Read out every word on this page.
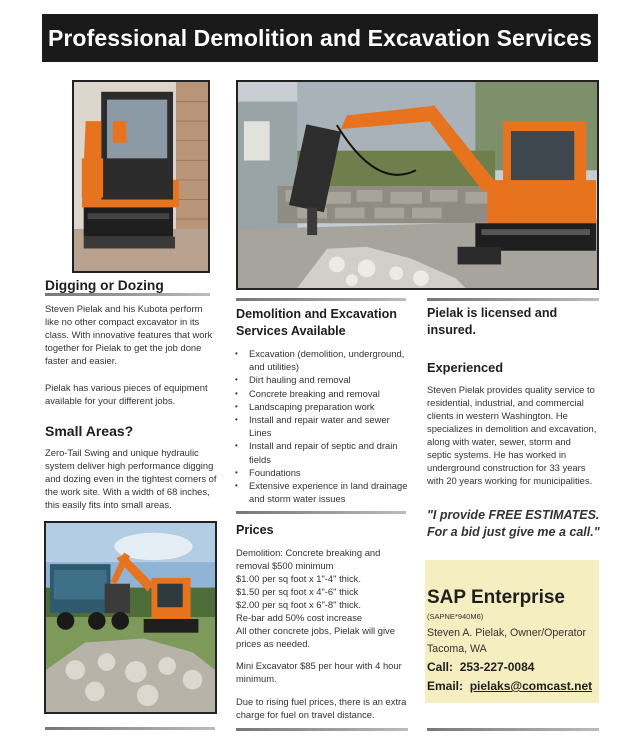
Professional Demolition and Excavation Services
Digging or Dozing

Steven Pielak and his Kubota perform like no other compact excavator in its class. With innovative features that work together for Pielak to get the job done faster and easier.

Pielak has various pieces of equipment available for your different jobs.

Small Areas?

Zero-Tail Swing and unique hydraulic system deliver high performance digging and dozing even in the tightest corners of the work site. With a width of 68 inches, this easily fits into small areas.

Demolition and Excavation
Services Available
• Excavation (demolition, underground, and utilities)
• Dirt hauling and removal
• Concrete breaking and removal
• Landscaping preparation work
• Install and repair water and sewer Lines
• Install and repair of septic and drain fields
• Foundations
• Extensive experience in land drainage and storm water issues
Prices
Demolition: Concrete breaking and
removal $500 minimum
$1.00 per sq foot x 1"-4" thick.
$1.50 per sq foot x 4"-6" thick
$2.00 per sq foot x 6"-8" thick.
Re-bar add 50% cost increase
All other concrete jobs, Pielak will give
prices as needed.

Mini Excavator $85 per hour with 4 hour minimum.

Due to rising fuel prices, there is an extra charge for fuel on travel distance.

Pielak is licensed and insured.
Experienced

Steven Pielak provides quality service to residential, industrial, and commercial clients in western Washington. He specializes in demolition and excavation, along with water, sewer, storm and septic systems. He has worked in underground construction for 33 years with 20 years working for municipalities.

"I provide FREE ESTIMATES.
For a bid just give me a call."
SAP Enterprise
(SAPNE*940M6)
Steven A. Pielak, Owner/Operator
Tacoma, WA
Call: 253-227-0084
Email: pielaks@comcast.net
